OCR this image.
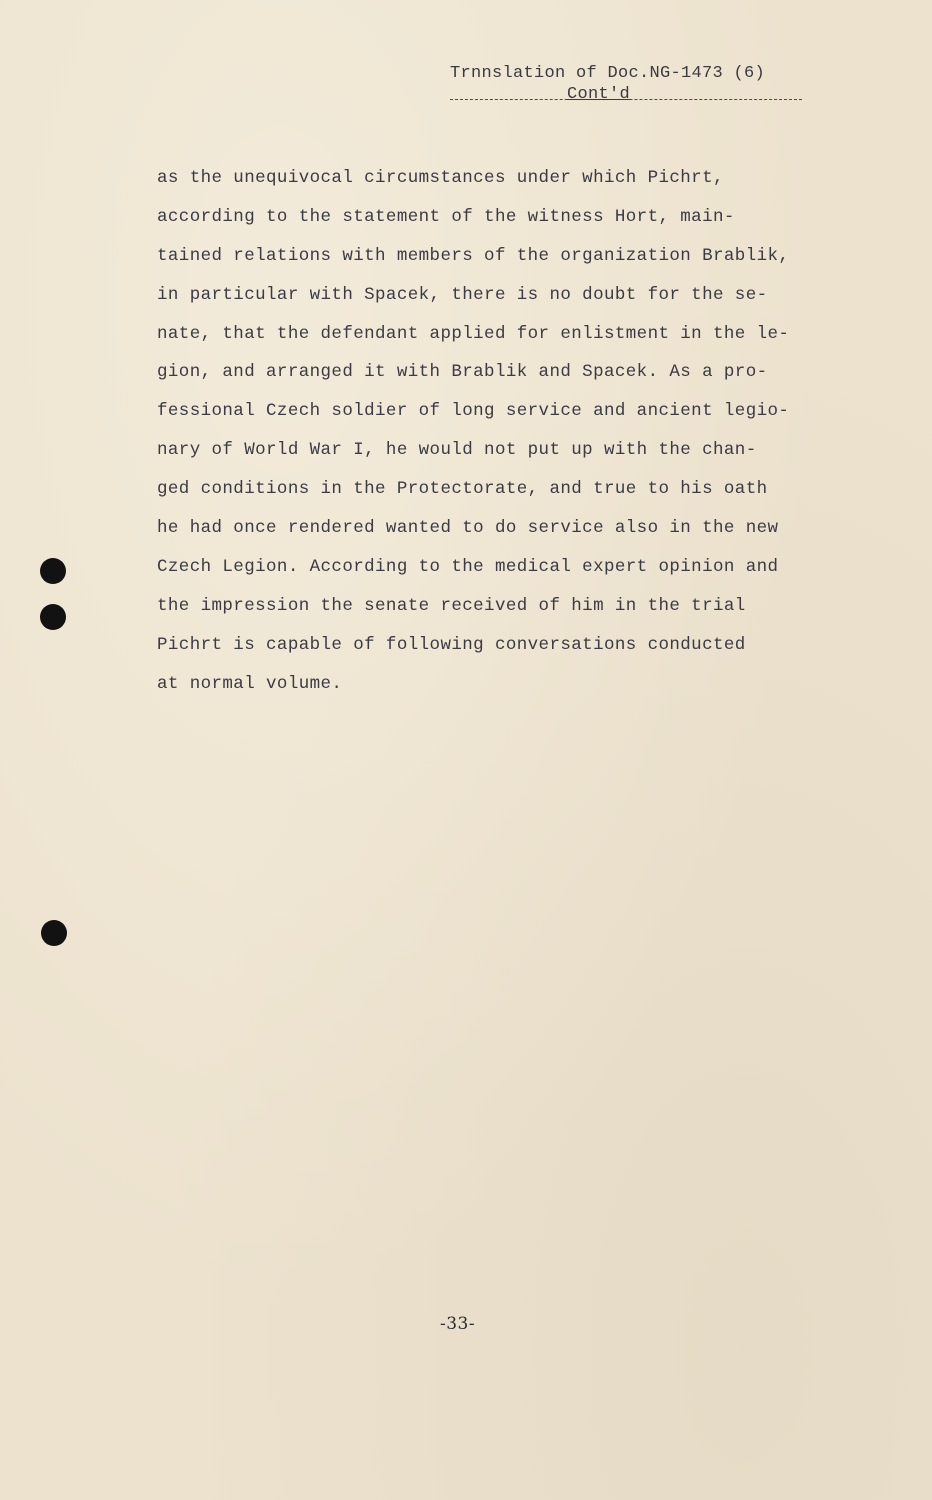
Trnnslation of Doc.NG-1473 (6)
Cont'd
as the unequivocal circumstances under which Pichrt,
according to the statement of the witness Hort, main-
tained relations with members of the organization Brablik,
in particular with Spacek, there is no doubt for the se-
nate, that the defendant applied for enlistment in the le-
gion, and arranged it with Brablik and Spacek. As a pro-
fessional Czech soldier of long service and ancient legio-
nary of World War I, he would not put up with the chan-
ged conditions in the Protectorate, and true to his oath
he had once rendered wanted to do service also in the new
Czech Legion. According to the medical expert opinion and
the impression the senate received of him in the trial
Pichrt is capable of following conversations conducted
at normal volume.
-33-
